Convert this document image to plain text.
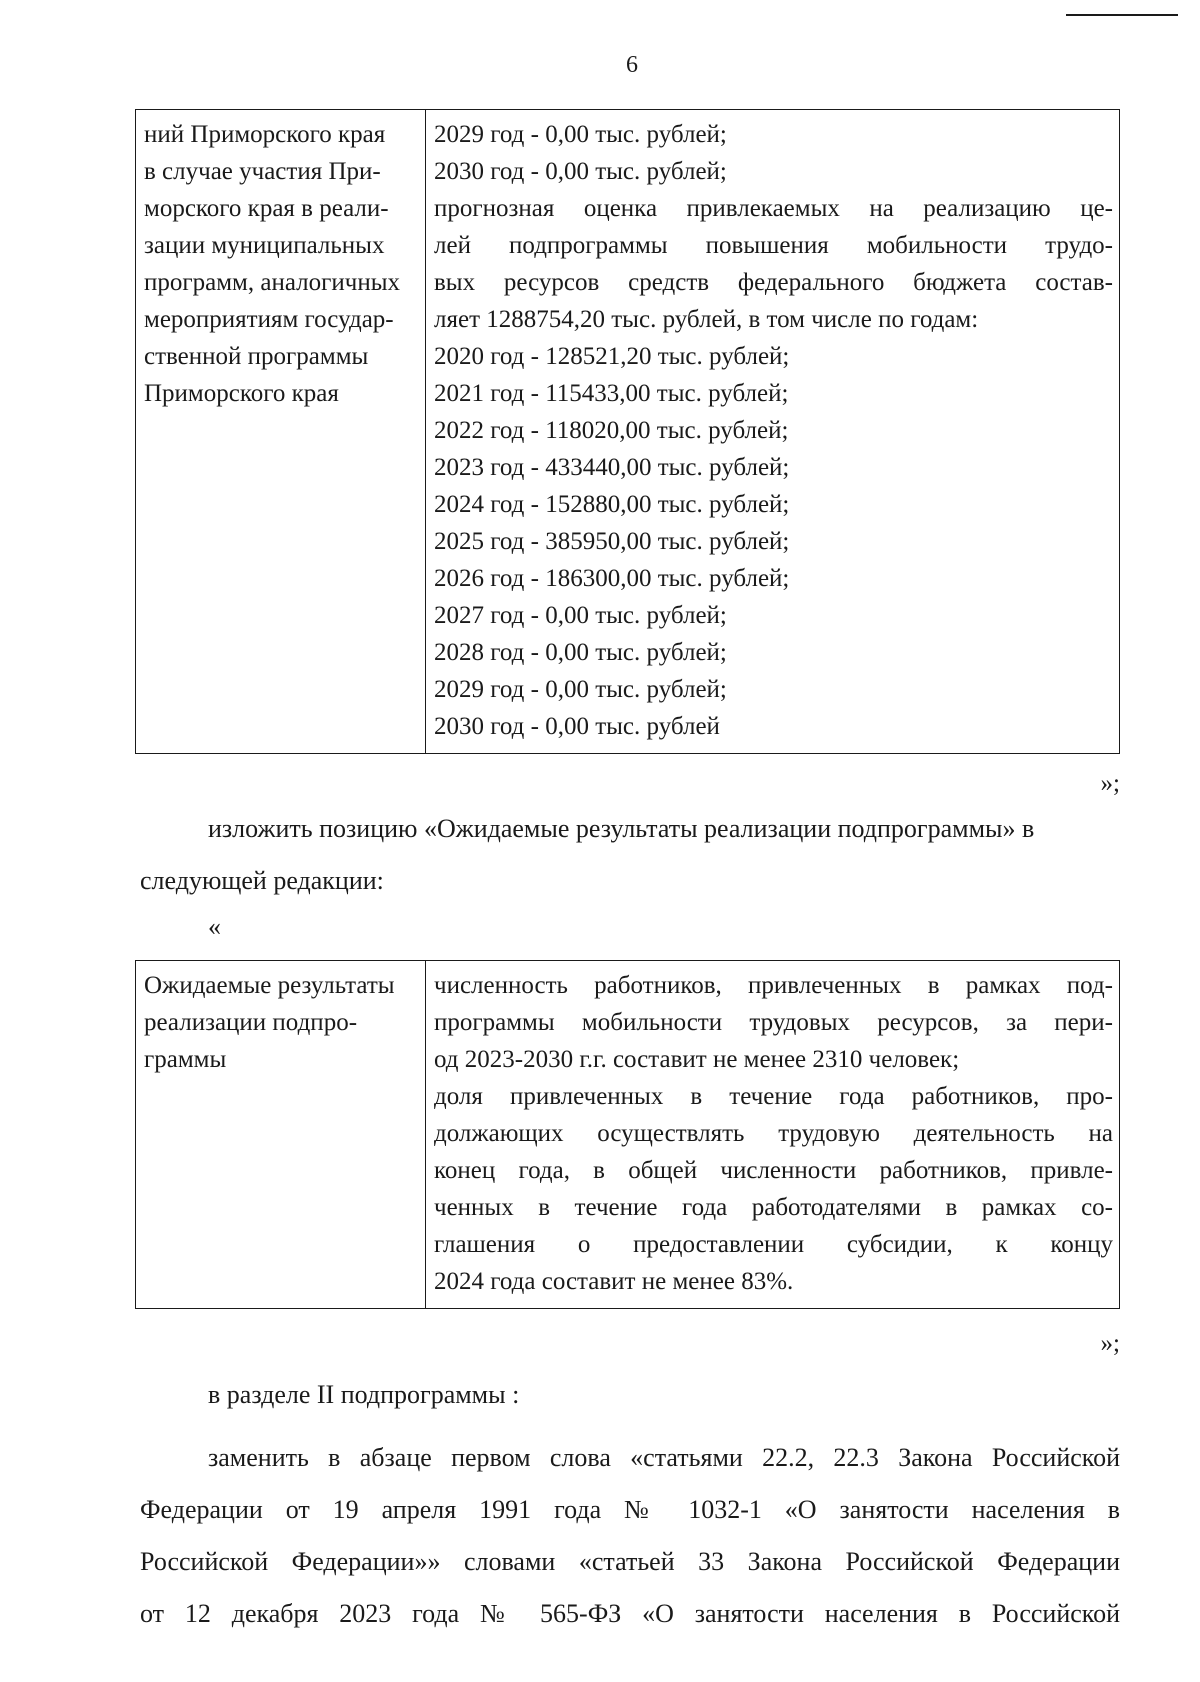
6
ний Приморского края
в случае участия При-
морского края в реали-
зации муниципальных
программ, аналогичных
мероприятиям государ-
ственной программы
Приморского края

2029 год - 0,00 тыс. рублей;
2030 год - 0,00 тыс. рублей;
прогнозная оценка привлекаемых на реализацию це-
лей подпрограммы повышения мобильности трудо-
вых ресурсов средств федерального бюджета состав-
ляет 1288754,20 тыс. рублей, в том числе по годам:
2020 год - 128521,20 тыс. рублей;
2021 год - 115433,00 тыс. рублей;
2022 год - 118020,00 тыс. рублей;
2023 год - 433440,00 тыс. рублей;
2024 год - 152880,00 тыс. рублей;
2025 год - 385950,00 тыс. рублей;
2026 год - 186300,00 тыс. рублей;
2027 год - 0,00 тыс. рублей;
2028 год - 0,00 тыс. рублей;
2029 год - 0,00 тыс. рублей;
2030 год - 0,00 тыс. рублей
»;
изложить позицию «Ожидаемые результаты реализации подпрограммы» в
следующей редакции:
«
Ожидаемые результаты
реализации подпро-
граммы

численность работников, привлеченных в рамках под-
программы мобильности трудовых ресурсов, за пери-
од 2023-2030 г.г. составит не менее 2310 человек;
доля привлеченных в течение года работников, про-
должающих осуществлять трудовую деятельность на
конец года, в общей численности работников, привле-
ченных в течение года работодателями в рамках со-
глашения о предоставлении субсидии, к концу
2024 года составит не менее 83%.
»;
в разделе II подпрограммы :
заменить в абзаце первом слова «статьями 22.2, 22.3 Закона Российской
Федерации от 19 апреля 1991 года № 1032-1 «О занятости населения в
Российской Федерации»» словами «статьей 33 Закона Российской Федерации
от 12 декабря 2023 года № 565-ФЗ «О занятости населения в Российской
